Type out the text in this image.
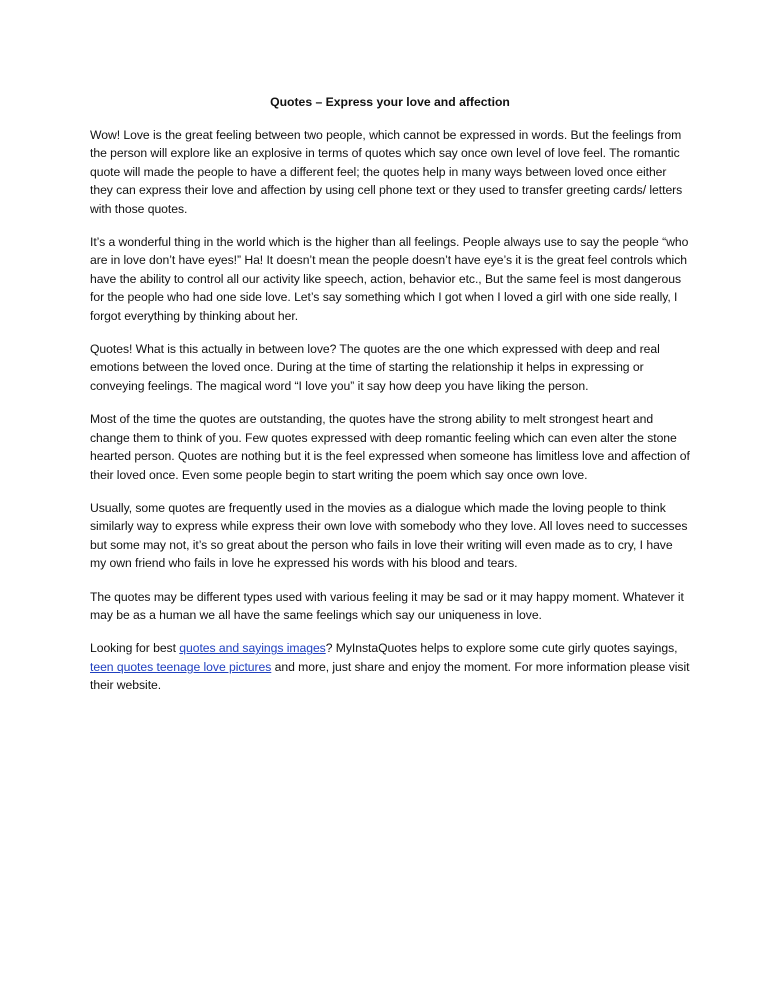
Quotes – Express your love and affection

Wow! Love is the great feeling between two people, which cannot be expressed in words. But the feelings from the person will explore like an explosive in terms of quotes which say once own level of love feel. The romantic quote will made the people to have a different feel; the quotes help in many ways between loved once either they can express their love and affection by using cell phone text or they used to transfer greeting cards/ letters with those quotes.

It’s a wonderful thing in the world which is the higher than all feelings. People always use to say the people “who are in love don’t have eyes!” Ha! It doesn’t mean the people doesn’t have eye’s it is the great feel controls which have the ability to control all our activity like speech, action, behavior etc., But the same feel is most dangerous for the people who had one side love. Let’s say something which I got when I loved a girl with one side really, I forgot everything by thinking about her.

Quotes! What is this actually in between love? The quotes are the one which expressed with deep and real emotions between the loved once. During at the time of starting the relationship it helps in expressing or conveying feelings. The magical word “I love you” it say how deep you have liking the person.

Most of the time the quotes are outstanding, the quotes have the strong ability to melt strongest heart and change them to think of you. Few quotes expressed with deep romantic feeling which can even alter the stone hearted person. Quotes are nothing but it is the feel expressed when someone has limitless love and affection of their loved once. Even some people begin to start writing the poem which say once own love.

Usually, some quotes are frequently used in the movies as a dialogue which made the loving people to think similarly way to express while express their own love with somebody who they love. All loves need to successes but some may not, it’s so great about the person who fails in love their writing will even made as to cry, I have my own friend who fails in love he expressed his words with his blood and tears.

The quotes may be different types used with various feeling it may be sad or it may happy moment. Whatever it may be as a human we all have the same feelings which say our uniqueness in love.

Looking for best quotes and sayings images? MyInstaQuotes helps to explore some cute girly quotes sayings, teen quotes teenage love pictures and more, just share and enjoy the moment. For more information please visit their website.
